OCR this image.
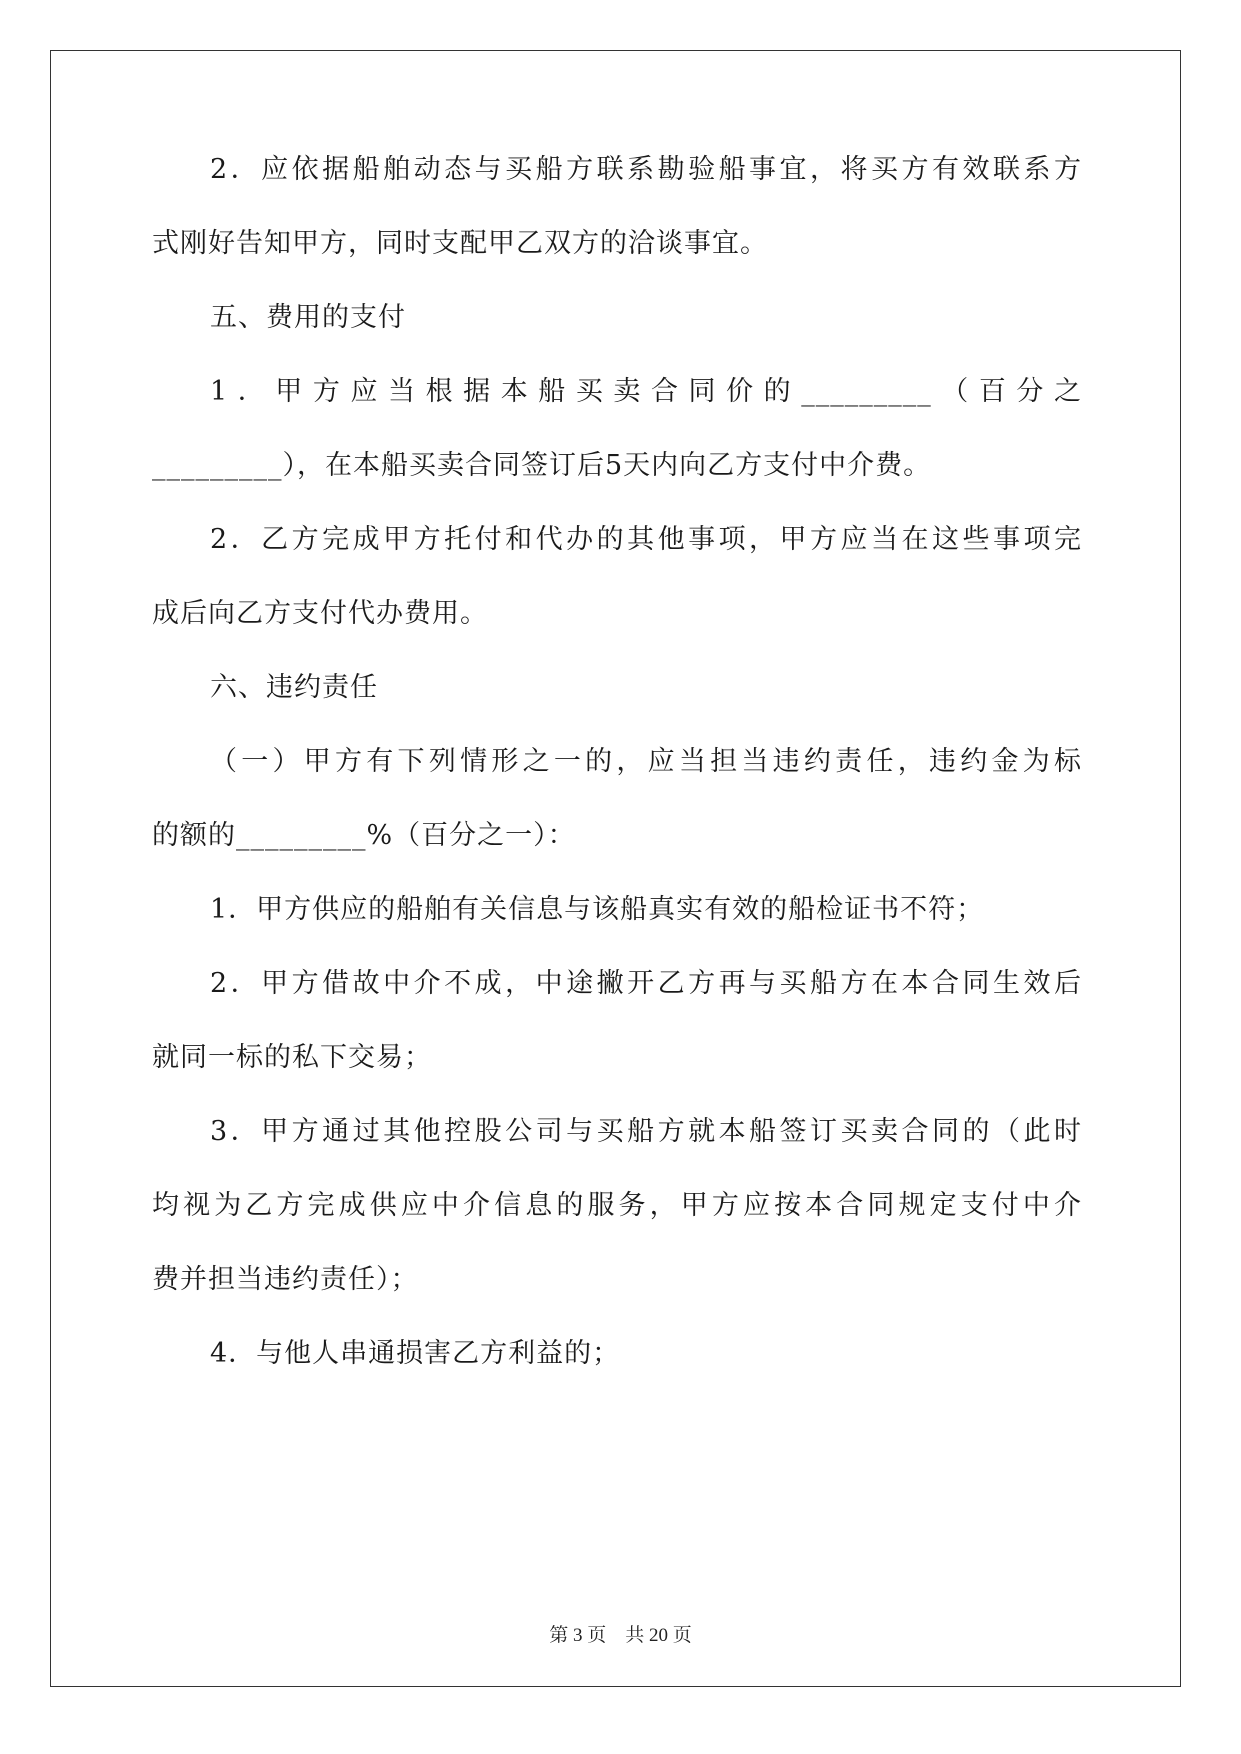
2．应依据船舶动态与买船方联系勘验船事宜，将买方有效联系方
式刚好告知甲方，同时支配甲乙双方的洽谈事宜。
五、费用的支付
1．甲方应当根据本船买卖合同价的_________（百分之
_________），在本船买卖合同签订后5天内向乙方支付中介费。
2．乙方完成甲方托付和代办的其他事项，甲方应当在这些事项完
成后向乙方支付代办费用。
六、违约责任
（一）甲方有下列情形之一的，应当担当违约责任，违约金为标
的额的_________%（百分之一）：
1．甲方供应的船舶有关信息与该船真实有效的船检证书不符；
2．甲方借故中介不成，中途撇开乙方再与买船方在本合同生效后
就同一标的私下交易；
3．甲方通过其他控股公司与买船方就本船签订买卖合同的（此时
均视为乙方完成供应中介信息的服务，甲方应按本合同规定支付中介
费并担当违约责任）；
4．与他人串通损害乙方利益的；
第 3 页　共 20 页
